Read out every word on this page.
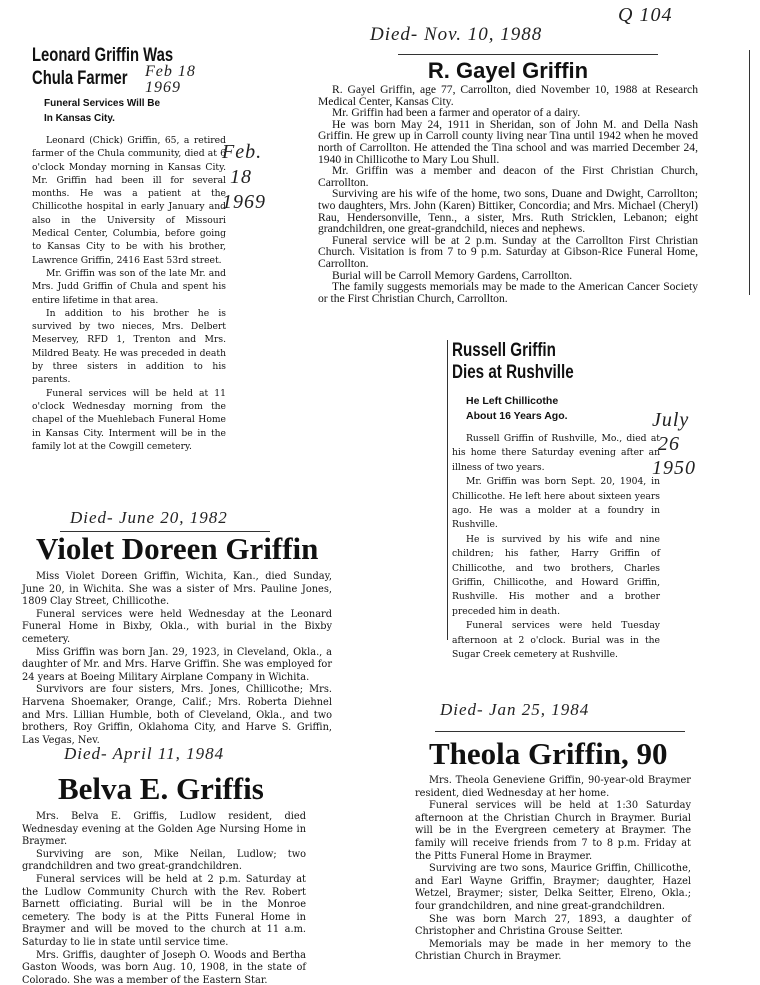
Q 104
Leonard Griffin Was
Chula Farmer
Funeral Services Will Be
In Kansas City.

Leonard (Chick) Griffin, 65, a retired farmer of the Chula community, died at 6 o'clock Monday morning in Kansas City. Mr. Griffin had been ill for several months. He was a patient at the Chillicothe hospital in early January and also in the University of Missouri Medical Center, Columbia, before going to Kansas City to be with his brother, Lawrence Griffin, 2416 East 53rd street.

Mr. Griffin was son of the late Mr. and Mrs. Judd Griffin of Chula and spent his entire lifetime in that area.

In addition to his brother he is survived by two nieces, Mrs. Delbert Meservey, RFD 1, Trenton and Mrs. Mildred Beaty. He was preceded in death by three sisters in addition to his parents.

Funeral services will be held at 11 o'clock Wednesday morning from the chapel of the Muehlebach Funeral Home in Kansas City. Interment will be in the family lot at the Cowgill cemetery.

Feb 18 1969
Feb.
18
1969
Died- Nov. 10, 1988
R. Gayel Griffin

R. Gayel Griffin, age 77, Carrollton, died November 10, 1988 at Research Medical Center, Kansas City.

Mr. Griffin had been a farmer and operator of a dairy.

He was born May 24, 1911 in Sheridan, son of John M. and Della Nash Griffin. He grew up in Carroll county living near Tina until 1942 when he moved north of Carrollton. He attended the Tina school and was married December 24, 1940 in Chillicothe to Mary Lou Shull.

Mr. Griffin was a member and deacon of the First Christian Church, Carrollton.

Surviving are his wife of the home, two sons, Duane and Dwight, Carrollton; two daughters, Mrs. John (Karen) Bittiker, Concordia; and Mrs. Michael (Cheryl) Rau, Hendersonville, Tenn., a sister, Mrs. Ruth Stricklen, Lebanon; eight grandchildren, one great-grandchild, nieces and nephews.

Funeral service will be at 2 p.m. Sunday at the Carrollton First Christian Church. Visitation is from 7 to 9 p.m. Saturday at Gibson-Rice Funeral Home, Carrollton.

Burial will be Carroll Memory Gardens, Carrollton.

The family suggests memorials may be made to the American Cancer Society or the First Christian Church, Carrollton.

Russell Griffin
Dies at Rushville
He Left Chillicothe
About 16 Years Ago.

Russell Griffin of Rushville, Mo., died at his home there Saturday evening after an illness of two years.

Mr. Griffin was born Sept. 20, 1904, in Chillicothe. He left here about sixteen years ago. He was a molder at a foundry in Rushville.

He is survived by his wife and nine children; his father, Harry Griffin of Chillicothe, and two brothers, Charles Griffin, Chillicothe, and Howard Griffin, Rushville. His mother and a brother preceded him in death.

Funeral services were held Tuesday afternoon at 2 o'clock. Burial was in the Sugar Creek cemetery at Rushville.

July
26
1950
Died- June 20, 1982
Violet Doreen Griffin

Miss Violet Doreen Griffin, Wichita, Kan., died Sunday, June 20, in Wichita. She was a sister of Mrs. Pauline Jones, 1809 Clay Street, Chillicothe.

Funeral services were held Wednesday at the Leonard Funeral Home in Bixby, Okla., with burial in the Bixby cemetery.

Miss Griffin was born Jan. 29, 1923, in Cleveland, Okla., a daughter of Mr. and Mrs. Harve Griffin. She was employed for 24 years at Boeing Military Airplane Company in Wichita.

Survivors are four sisters, Mrs. Jones, Chillicothe; Mrs. Harvena Shoemaker, Orange, Calif.; Mrs. Roberta Diehnel and Mrs. Lillian Humble, both of Cleveland, Okla., and two brothers, Roy Griffin, Oklahoma City, and Harve S. Griffin, Las Vegas, Nev.

Died- April 11, 1984
Belva E. Griffis

Mrs. Belva E. Griffis, Ludlow resident, died Wednesday evening at the Golden Age Nursing Home in Braymer.

Surviving are son, Mike Neilan, Ludlow; two grandchildren and two great-grandchildren.

Funeral services will be held at 2 p.m. Saturday at the Ludlow Community Church with the Rev. Robert Barnett officiating. Burial will be in the Monroe cemetery. The body is at the Pitts Funeral Home in Braymer and will be moved to the church at 11 a.m. Saturday to lie in state until service time.

Mrs. Griffis, daughter of Joseph O. Woods and Bertha Gaston Woods, was born Aug. 10, 1908, in the state of Colorado. She was a member of the Eastern Star.

Died- Jan 25, 1984
Theola Griffin, 90

Mrs. Theola Geneviene Griffin, 90-year-old Braymer resident, died Wednesday at her home.

Funeral services will be held at 1:30 Saturday afternoon at the Christian Church in Braymer. Burial will be in the Evergreen cemetery at Braymer. The family will receive friends from 7 to 8 p.m. Friday at the Pitts Funeral Home in Braymer.

Surviving are two sons, Maurice Griffin, Chillicothe, and Earl Wayne Griffin, Braymer; daughter, Hazel Wetzel, Braymer; sister, Delka Seitter, Elreno, Okla.; four grandchildren, and nine great-grandchildren.

She was born March 27, 1893, a daughter of Christopher and Christina Grouse Seitter.

Memorials may be made in her memory to the Christian Church in Braymer.
